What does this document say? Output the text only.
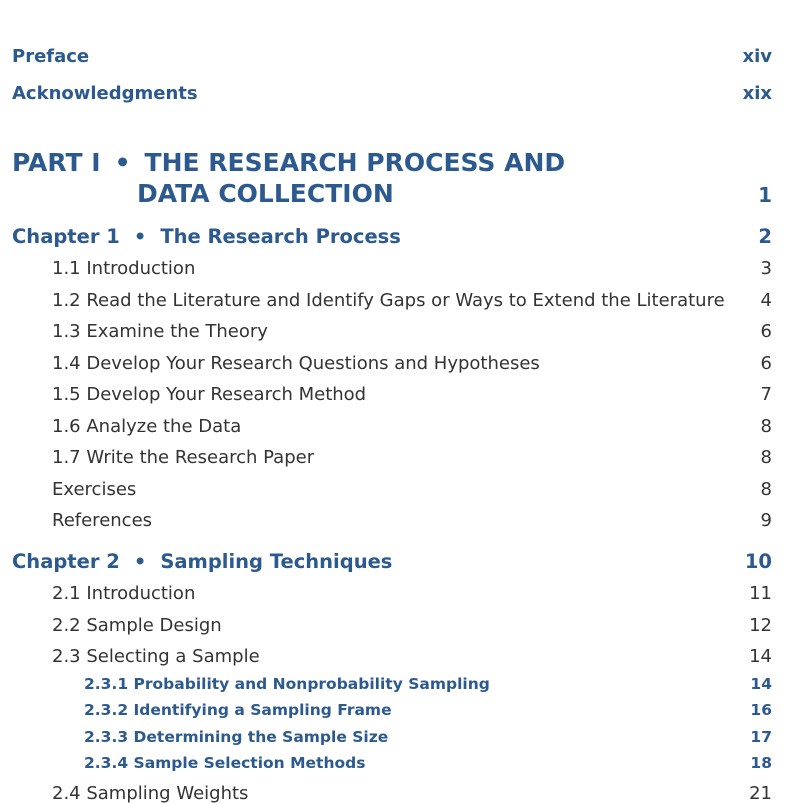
Preface	xiv
Acknowledgments	xix
PART I • THE RESEARCH PROCESS AND
DATA COLLECTION	1
Chapter 1 • The Research Process	2
1.1 Introduction	3
1.2 Read the Literature and Identify Gaps or Ways to Extend the Literature 4
1.3 Examine the Theory	6
1.4 Develop Your Research Questions and Hypotheses	6
1.5 Develop Your Research Method	7
1.6 Analyze the Data	8
1.7 Write the Research Paper	8
Exercises	8
References	9
Chapter 2 • Sampling Techniques	10
2.1 Introduction	11
2.2 Sample Design	12
2.3 Selecting a Sample	14
2.3.1 Probability and Nonprobability Sampling	14
2.3.2 Identifying a Sampling Frame	16
2.3.3 Determining the Sample Size	17
2.3.4 Sample Selection Methods	18
2.4 Sampling Weights	21
